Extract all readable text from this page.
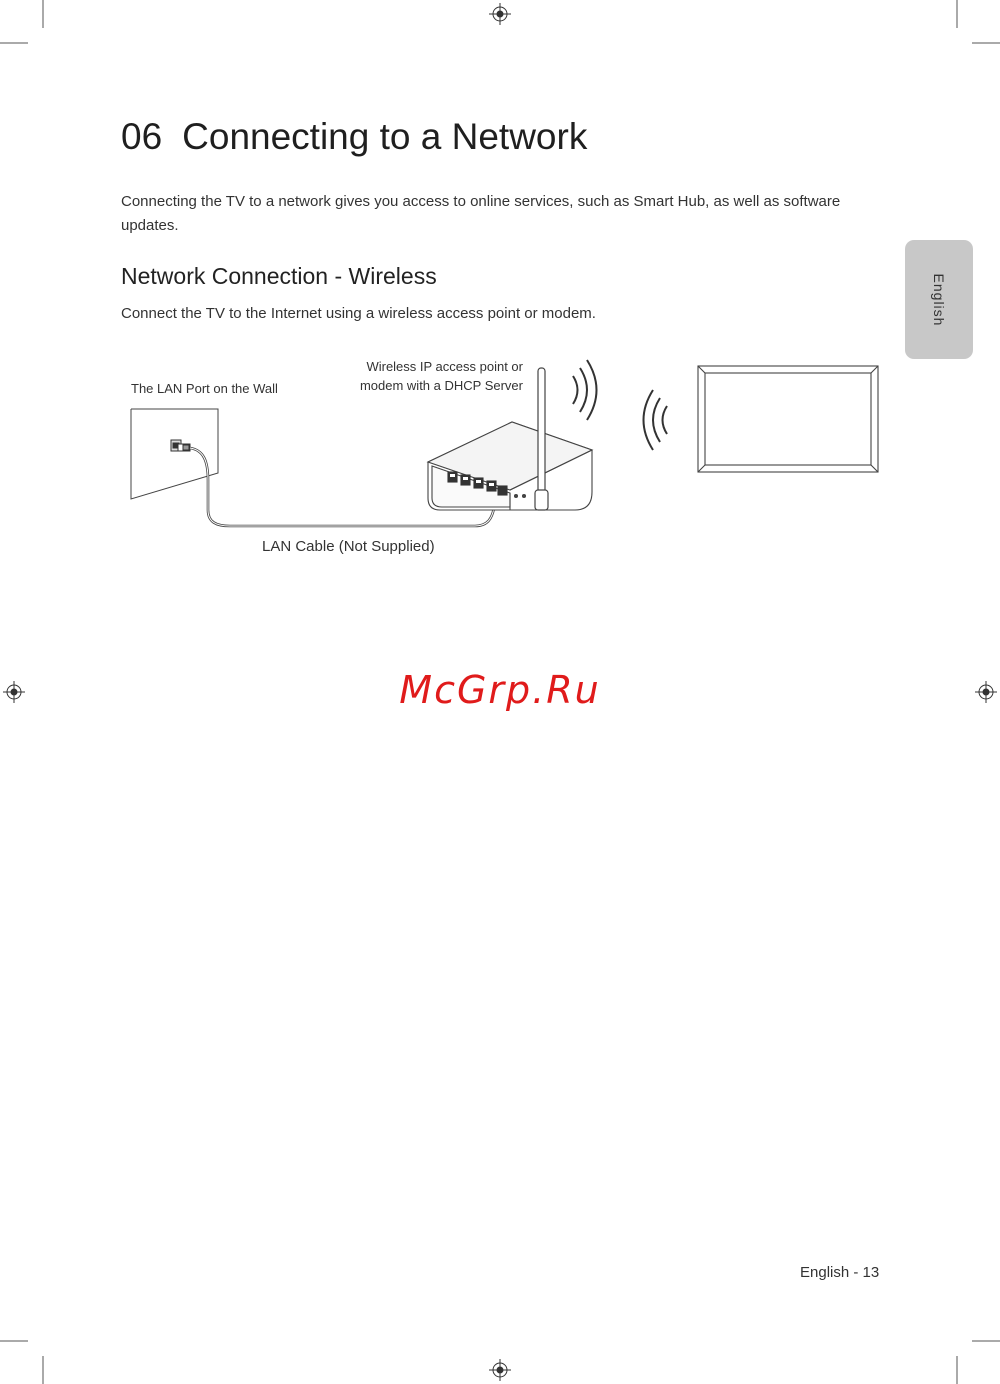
06 Connecting to a Network

Connecting the TV to a network gives you access to online services, such as Smart Hub, as well as software updates.

Network Connection - Wireless

Connect the TV to the Internet using a wireless access point or modem.	English
The LAN Port on the Wall
Wireless IP access point or
modem with a DHCP Server
LAN Cable (Not Supplied)
McGrp.Ru
English - 13
